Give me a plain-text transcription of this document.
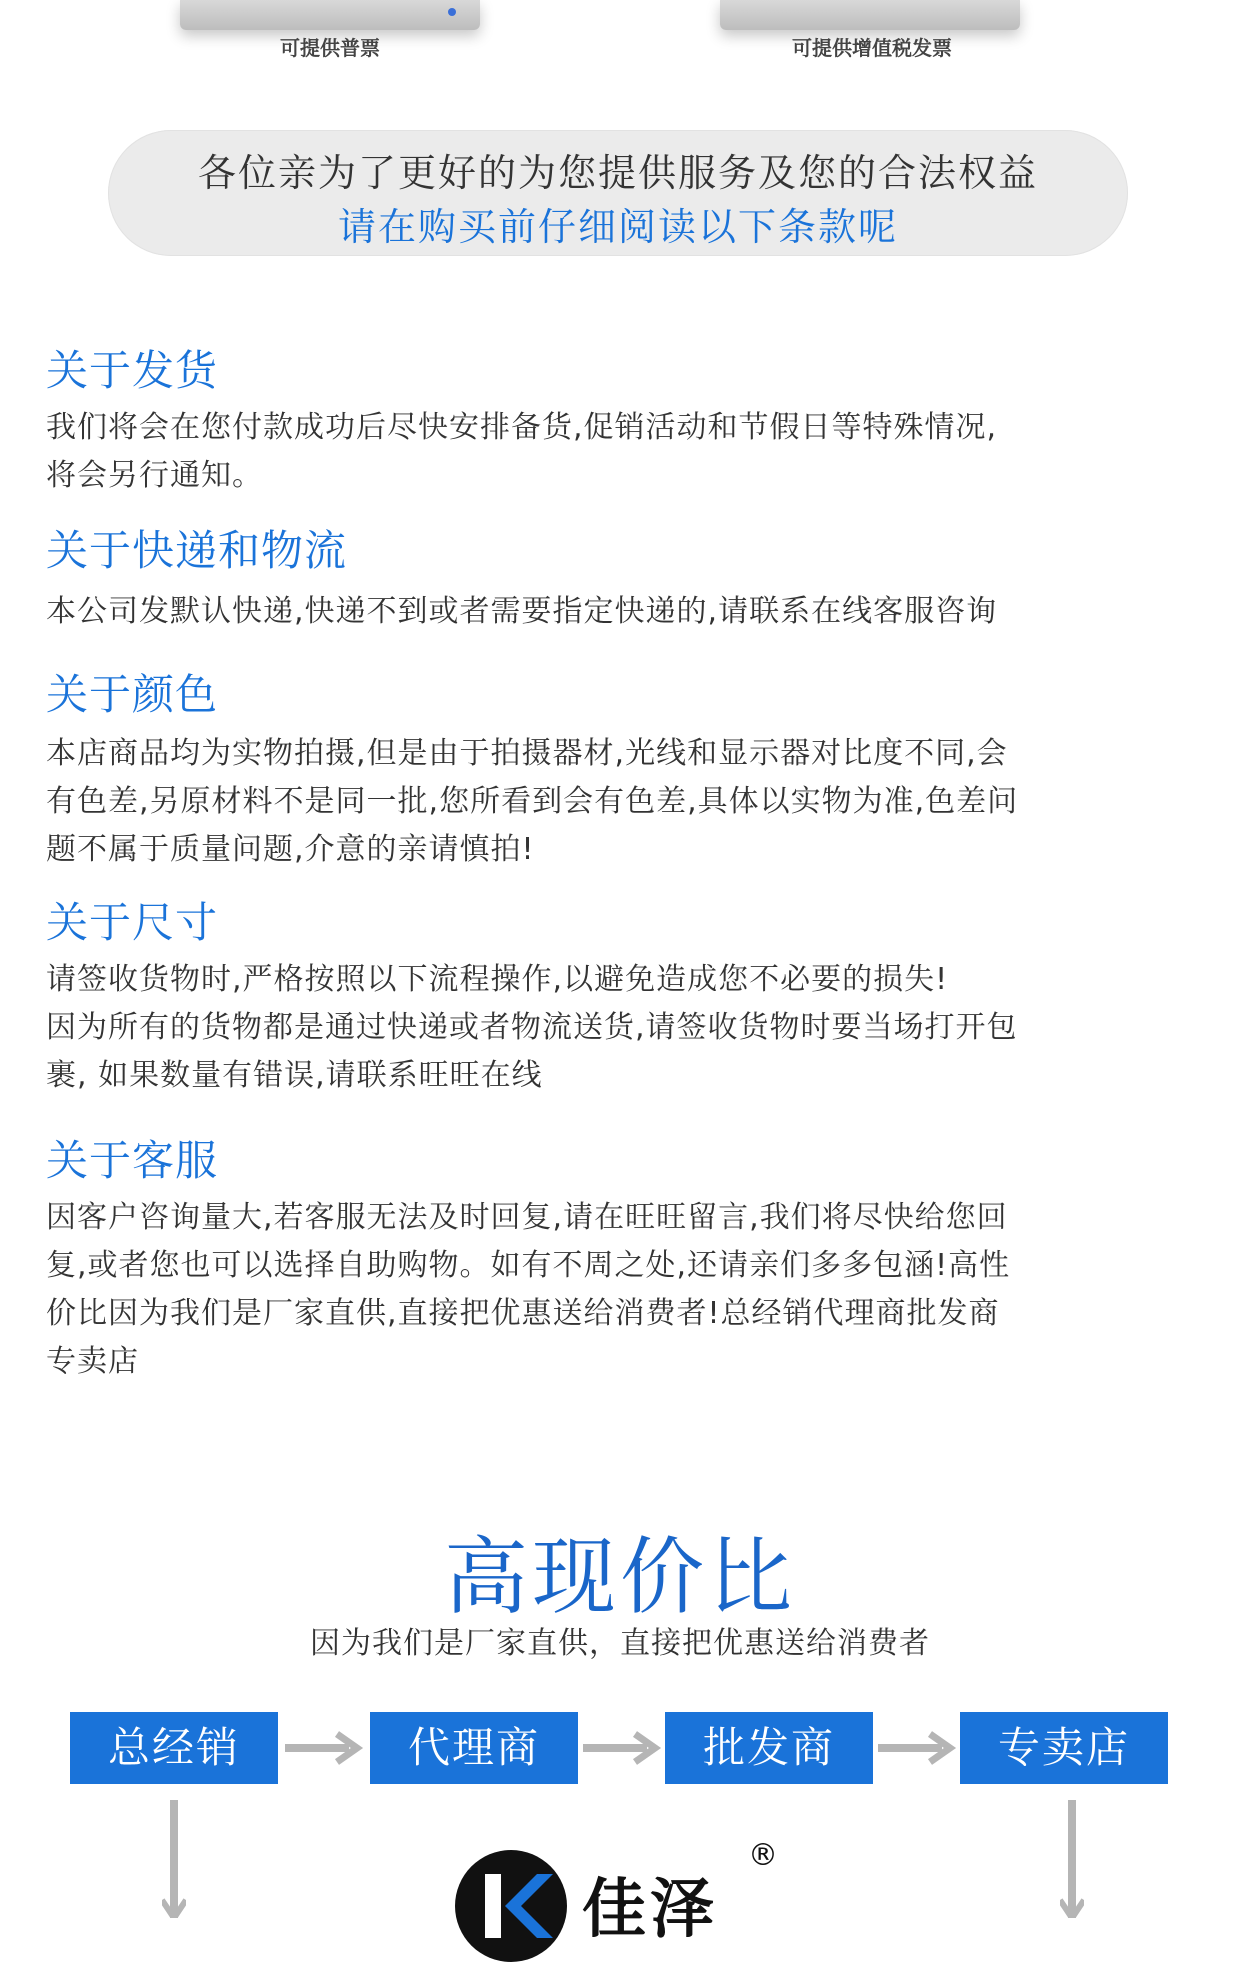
可提供普票	可提供增值税发票
各位亲为了更好的为您提供服务及您的合法权益
请在购买前仔细阅读以下条款呢
关于发货
我们将会在您付款成功后尽快安排备货,促销活动和节假日等特殊情况,
将会另行通知。
关于快递和物流
本公司发默认快递,快递不到或者需要指定快递的,请联系在线客服咨询
关于颜色
本店商品均为实物拍摄,但是由于拍摄器材,光线和显示器对比度不同,会
有色差,另原材料不是同一批,您所看到会有色差,具体以实物为准,色差问
题不属于质量问题,介意的亲请慎拍!
关于尺寸
请签收货物时,严格按照以下流程操作,以避免造成您不必要的损失!
因为所有的货物都是通过快递或者物流送货,请签收货物时要当场打开包
裹, 如果数量有错误,请联系旺旺在线
关于客服
因客户咨询量大,若客服无法及时回复,请在旺旺留言,我们将尽快给您回
复,或者您也可以选择自助购物。如有不周之处,还请亲们多多包涵!高性
价比因为我们是厂家直供,直接把优惠送给消费者!总经销代理商批发商
专卖店
高现价比
因为我们是厂家直供，直接把优惠送给消费者
总经销	代理商	批发商	专卖店
佳泽
®
